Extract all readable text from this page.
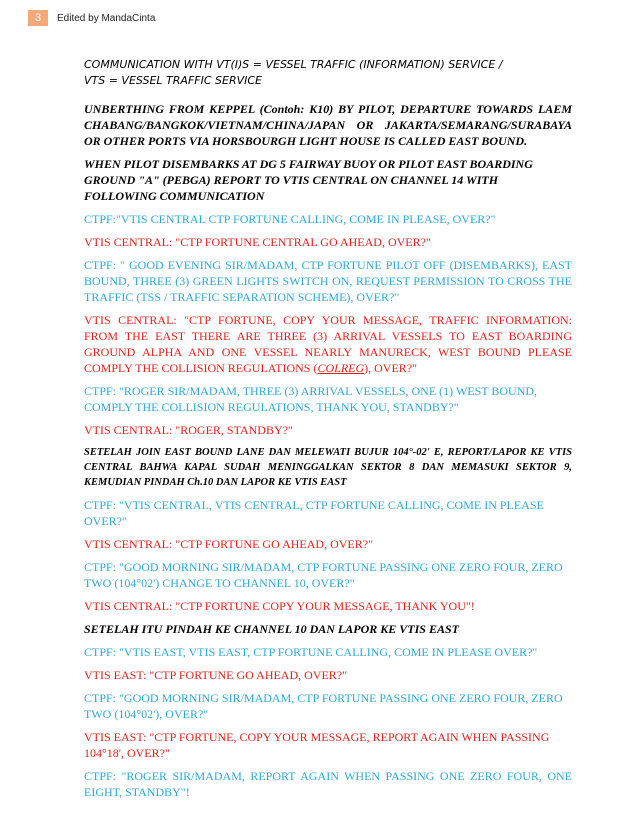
3	Edited by MandaCinta
COMMUNICATION WITH VT(I)S = VESSEL TRAFFIC (INFORMATION) SERVICE /
VTS = VESSEL TRAFFIC SERVICE
UNBERTHING FROM KEPPEL (Contoh: K10) BY PILOT, DEPARTURE TOWARDS LAEM CHABANG/BANGKOK/VIETNAM/CHINA/JAPAN OR JAKARTA/SEMARANG/SURABAYA OR OTHER PORTS VIA HORSBOURGH LIGHT HOUSE IS CALLED EAST BOUND.
WHEN PILOT DISEMBARKS AT DG 5 FAIRWAY BUOY OR PILOT EAST BOARDING GROUND "A" (PEBGA) REPORT TO VTIS CENTRAL ON CHANNEL 14 WITH FOLLOWING COMMUNICATION
CTPF:"VTIS CENTRAL CTP FORTUNE CALLING, COME IN PLEASE, OVER?"
VTIS CENTRAL: "CTP FORTUNE CENTRAL GO AHEAD, OVER?"
CTPF: " GOOD EVENING SIR/MADAM, CTP FORTUNE PILOT OFF (DISEMBARKS), EAST BOUND, THREE (3) GREEN LIGHTS SWITCH ON, REQUEST PERMISSION TO CROSS THE TRAFFIC (TSS / TRAFFIC SEPARATION SCHEME), OVER?"
VTIS CENTRAL: "CTP FORTUNE, COPY YOUR MESSAGE, TRAFFIC INFORMATION: FROM THE EAST THERE ARE THREE (3) ARRIVAL VESSELS TO EAST BOARDING GROUND ALPHA AND ONE VESSEL NEARLY MANURECK, WEST BOUND PLEASE COMPLY THE COLLISION REGULATIONS (COLREG), OVER?"
CTPF: "ROGER SIR/MADAM, THREE (3) ARRIVAL VESSELS, ONE (1) WEST BOUND, COMPLY THE COLLISION REGULATIONS, THANK YOU, STANDBY?"
VTIS CENTRAL: "ROGER, STANDBY?"
SETELAH JOIN EAST BOUND LANE DAN MELEWATI BUJUR 104°-02' E, REPORT/LAPOR KE VTIS CENTRAL BAHWA KAPAL SUDAH MENINGGALKAN SEKTOR 8 DAN MEMASUKI SEKTOR 9, KEMUDIAN PINDAH Ch.10 DAN LAPOR KE VTIS EAST
CTPF: "VTIS CENTRAL, VTIS CENTRAL, CTP FORTUNE CALLING, COME IN PLEASE OVER?"
VTIS CENTRAL: "CTP FORTUNE GO AHEAD, OVER?"
CTPF: "GOOD MORNING SIR/MADAM, CTP FORTUNE PASSING ONE ZERO FOUR, ZERO TWO (104°02') CHANGE TO CHANNEL 10, OVER?"
VTIS CENTRAL: "CTP FORTUNE COPY YOUR MESSAGE, THANK YOU"!
SETELAH ITU PINDAH KE CHANNEL 10 DAN LAPOR KE VTIS EAST
CTPF: "VTIS EAST, VTIS EAST, CTP FORTUNE CALLING, COME IN PLEASE OVER?"
VTIS EAST: "CTP FORTUNE GO AHEAD, OVER?"
CTPF: "GOOD MORNING SIR/MADAM, CTP FORTUNE PASSING ONE ZERO FOUR, ZERO TWO (104°02'), OVER?"
VTIS EAST: "CTP FORTUNE, COPY YOUR MESSAGE, REPORT AGAIN WHEN PASSING 104°18', OVER?"
CTPF: "ROGER SIR/MADAM, REPORT AGAIN WHEN PASSING ONE ZERO FOUR, ONE EIGHT, STANDBY"!
